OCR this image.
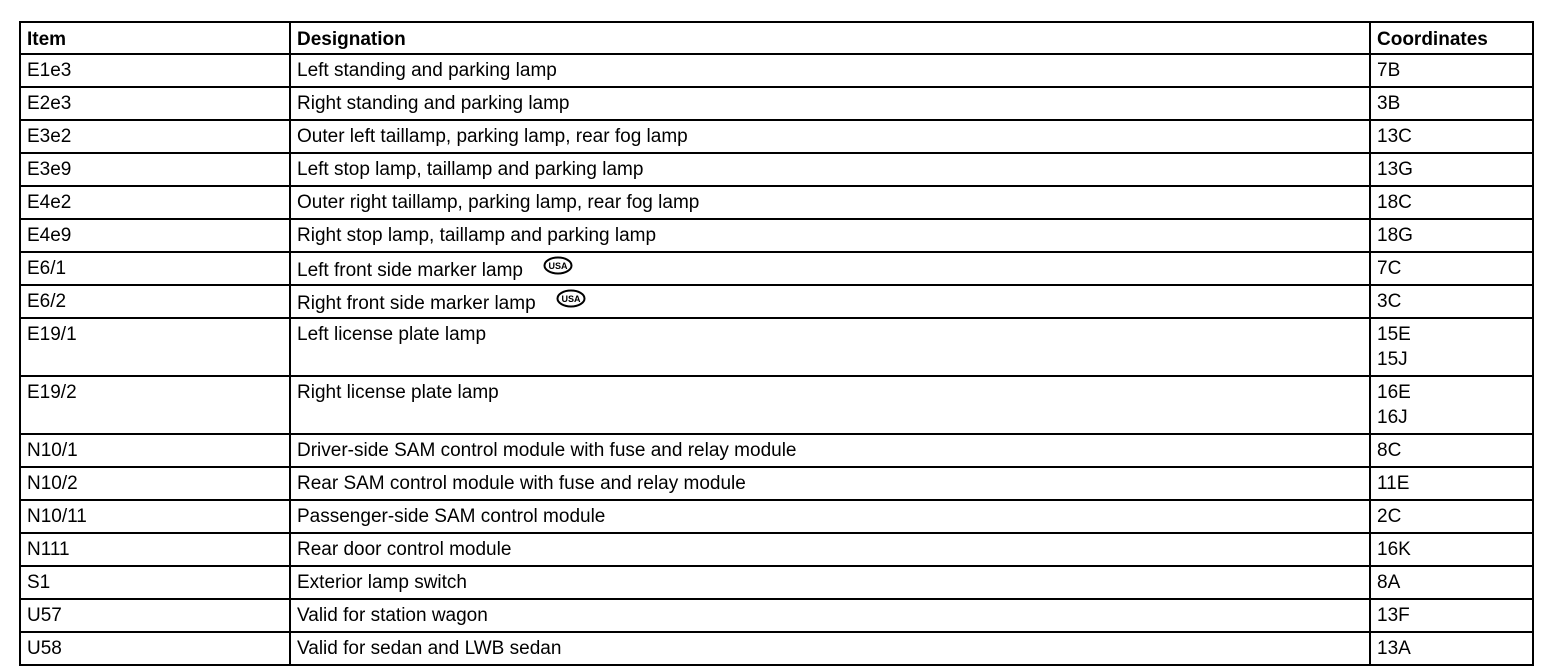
Item	Designation	Coordinates
E1e3	Left standing and parking lamp	7B

E2e3	Right standing and parking lamp	3B

E3e2	Outer left taillamp, parking lamp, rear fog lamp	13C

E3e9	Left stop lamp, taillamp and parking lamp	13G

E4e2	Outer right taillamp, parking lamp, rear fog lamp	18C

E4e9	Right stop lamp, taillamp and parking lamp	18G

E6/1	Left front side marker lamp USA	7C

E6/2	Right front side marker lamp USA	3C

E19/1	Left license plate lamp	15E
15J

E19/2	Right license plate lamp	16E
16J

N10/1	Driver-side SAM control module with fuse and relay module	8C

N10/2	Rear SAM control module with fuse and relay module	11E

N10/11	Passenger-side SAM control module	2C

N111	Rear door control module	16K

S1	Exterior lamp switch	8A

U57	Valid for station wagon	13F

U58	Valid for sedan and LWB sedan	13A
